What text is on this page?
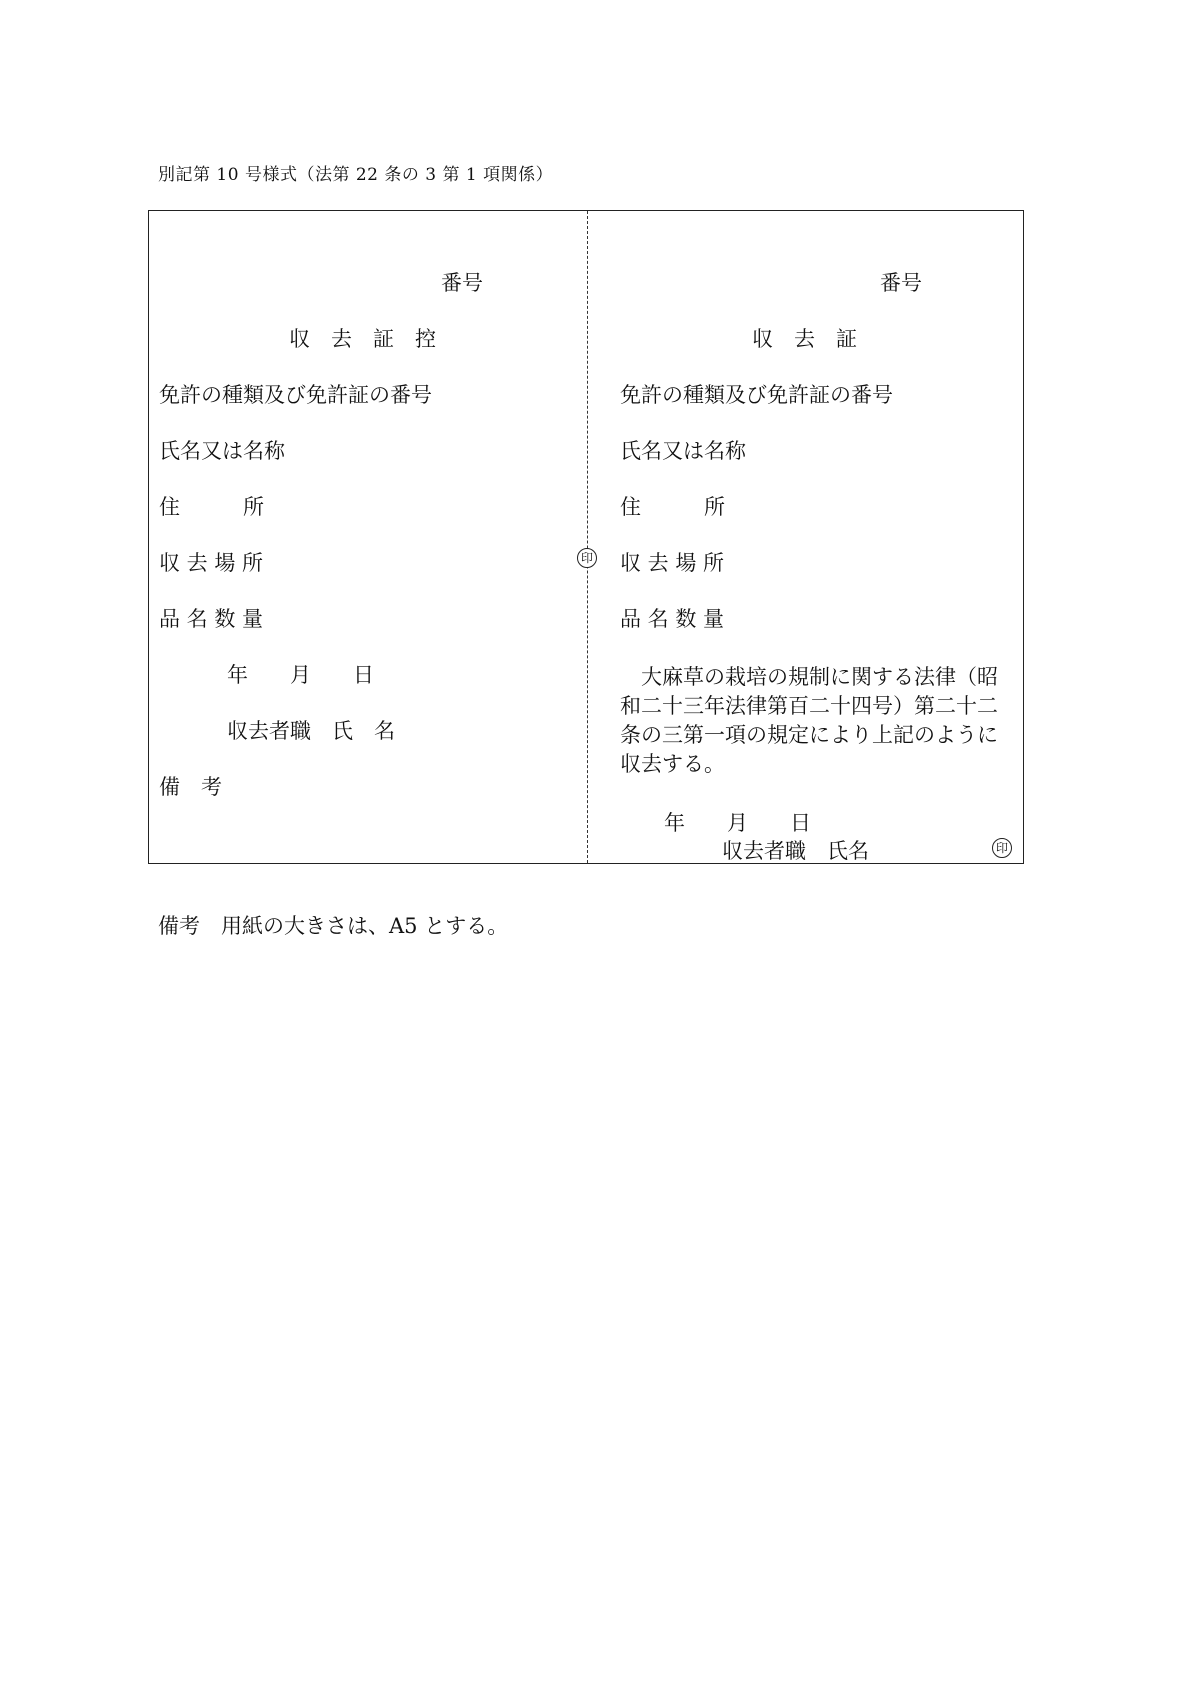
別記第 10 号様式（法第 22 条の 3 第 1 項関係）
番号
収　去　証　控
免許の種類及び免許証の番号
氏名又は名称
住　　　所
収 去 場 所
品 名 数 量
年　　月　　日
収去者職　氏　名
備　考
印
番号
収　去　証
免許の種類及び免許証の番号
氏名又は名称
住　　　所
収 去 場 所
品 名 数 量
大麻草の栽培の規制に関する法律（昭和二十三年法律第百二十四号）第二十二条の三第一項の規定により上記のように収去する。
年　　月　　日
収去者職　氏名	印
備考　用紙の大きさは、A5 とする。
